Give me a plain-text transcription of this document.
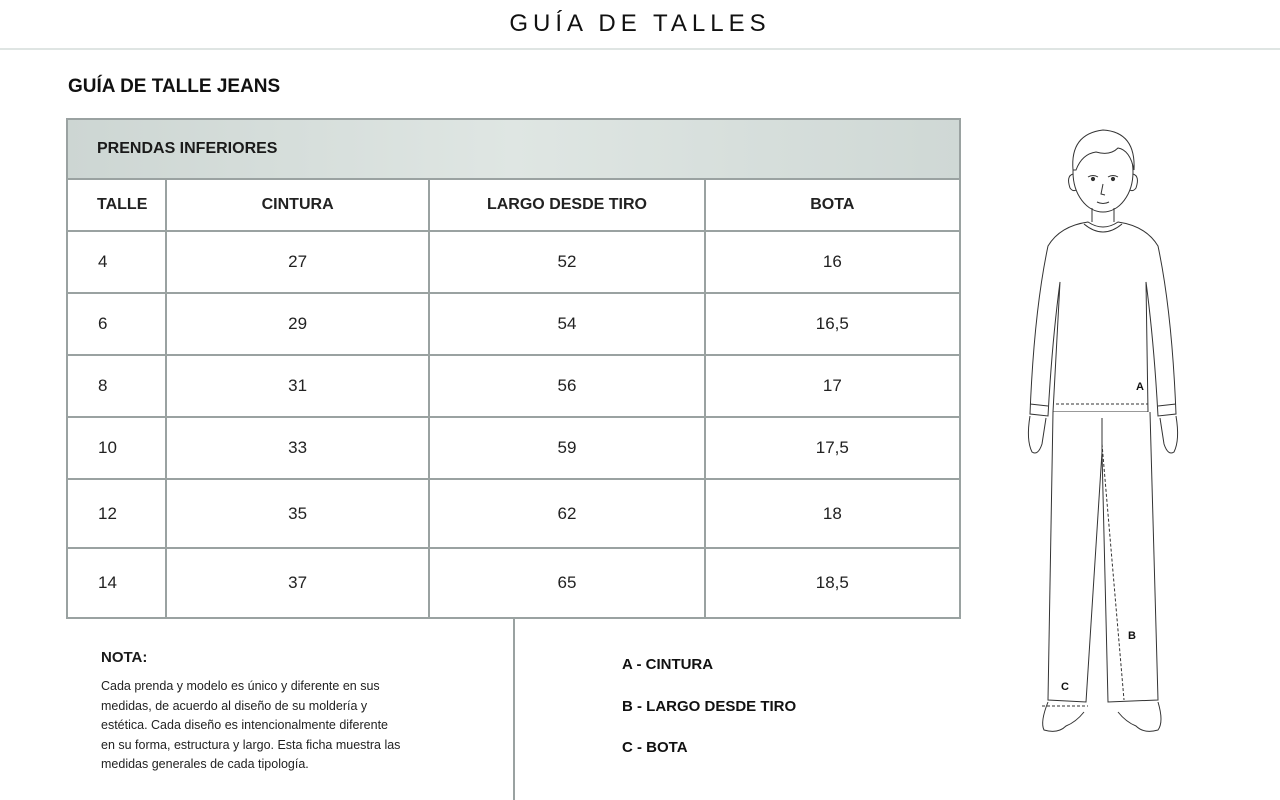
GUÍA DE TALLES
GUÍA DE TALLE JEANS
PRENDAS INFERIORES			
TALLE	CINTURA	LARGO DESDE TIRO	BOTA
4	27	52	16
6	29	54	16,5
8	31	56	17
10	33	59	17,5
12	35	62	18
14	37	65	18,5
NOTA:
Cada prenda y modelo es único y diferente en sus medidas, de acuerdo al diseño de su moldería y estética. Cada diseño es intencionalmente diferente en su forma, estructura y largo. Esta ficha muestra las medidas generales de cada tipología.
A - CINTURA
B - LARGO DESDE TIRO
C - BOTA
A
B
C
